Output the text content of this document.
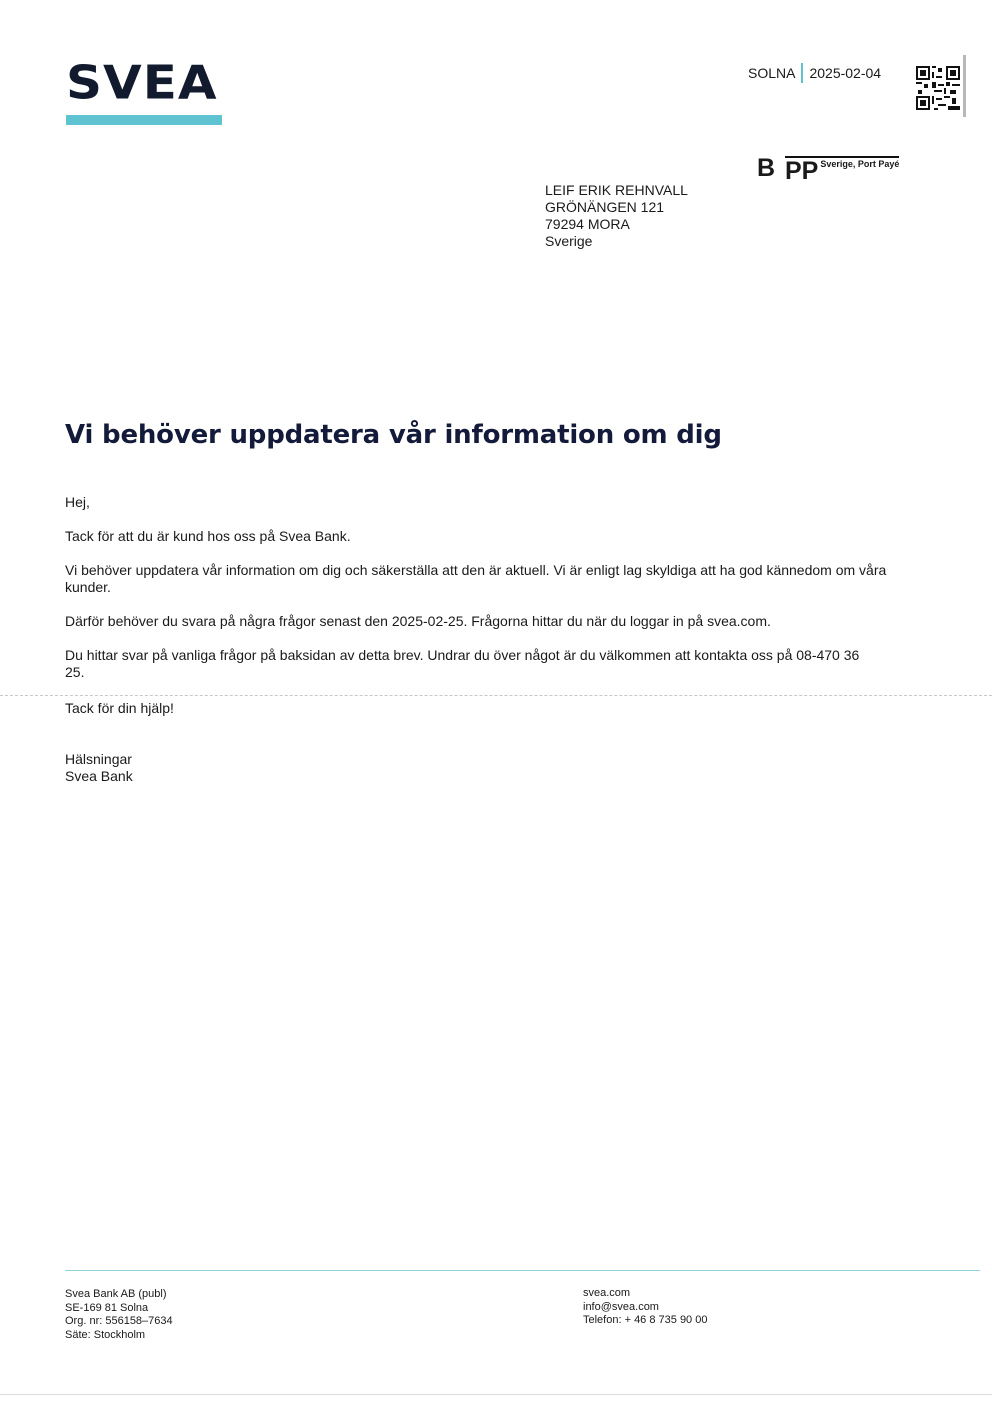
SVEA	SOLNA 2025-02-04
B PP Sverige, Port Payé
LEIF ERIK REHNVALL
GRÖNÄNGEN 121
79294 MORA
Sverige
Vi behöver uppdatera vår information om dig

Hej,

Tack för att du är kund hos oss på Svea Bank.

Vi behöver uppdatera vår information om dig och säkerställa att den är aktuell. Vi är enligt lag skyldiga att ha god kännedom om våra kunder.

Därför behöver du svara på några frågor senast den 2025-02-25. Frågorna hittar du när du loggar in på svea.com.

Du hittar svar på vanliga frågor på baksidan av detta brev. Undrar du över något är du välkommen att kontakta oss på 08-470 36 25.

Tack för din hjälp!

Hälsningar

Svea Bank

Svea Bank AB (publ)
SE-169 81 Solna
Org. nr: 556158–7634
Säte: Stockholm
svea.com
info@svea.com
Telefon: + 46 8 735 90 00
